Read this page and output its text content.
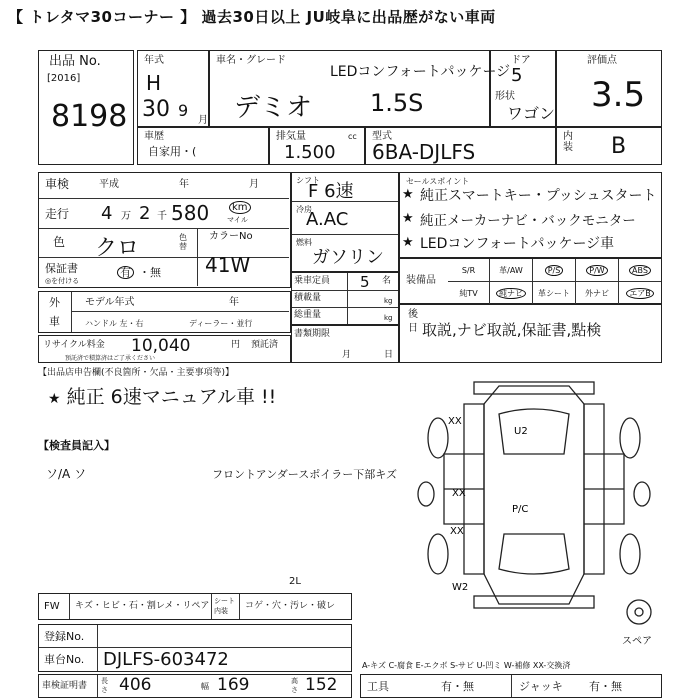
【 トレタマ30コーナー 】 過去30日以上 JU岐阜に出品歴がない車両
出品 No.
[2016]
8198
年式
H
30 9
月
車名・グレード
LEDコンフォートパッケージ
デミオ 1.5S
ドア
5
形状
ワゴン
評価点
3.5
車歴
自家用・(
排気量	cc
1.500
型式
6BA-DJLFS
内装 B
車検	平成	年	月
走行 4 万 2 千 580	km
マイル
色 クロ	色替
カラーNo
41W
保証書
◎を付ける
有 ・無
外
車
モデル年式	年
ハンドル 左・右	ディーラー・並行
リサイクル料金 10,040	円 預託済
預託済で積算済はご了承ください
シフト
F 6速
冷房
A.AC
燃料
ガソリン
乗車定員 5 名
積載量	kg
総重量	kg
書類期限
月	日
セールスポイント
★ 純正スマートキー・プッシュスタート
★ 純正メーカーナビ・バックモニター
★ LEDコンフォートパッケージ車
装備品
S/R	革/AW	P/S	P/W	ABS
純TV	純ナビ	革シート	外ナビ	エアB
後
日 取説,ナビ取説,保証書,點検
【出品店申告欄(不良箇所・欠品・主要事項等)】
★ 純正 6速マニュアル車 !!
【検査員記入】
ソ/A ソ	フロントアンダースポイラー下部キズ
XX
U2
XX
XX
P/C
W2
スペア
FW キズ・ヒビ・石・割レメ・リペア シート内装	コゲ・穴・汚レ・破レ
2L
登録No.
車台No. DJLFS-603472
車検証明書 長さ 406	幅 169	高さ 152
A-キズ C-腐食 E-エクボ S-サビ U-凹ミ W-補修 XX-交換済
工具	有・無	ジャッキ 有・無
